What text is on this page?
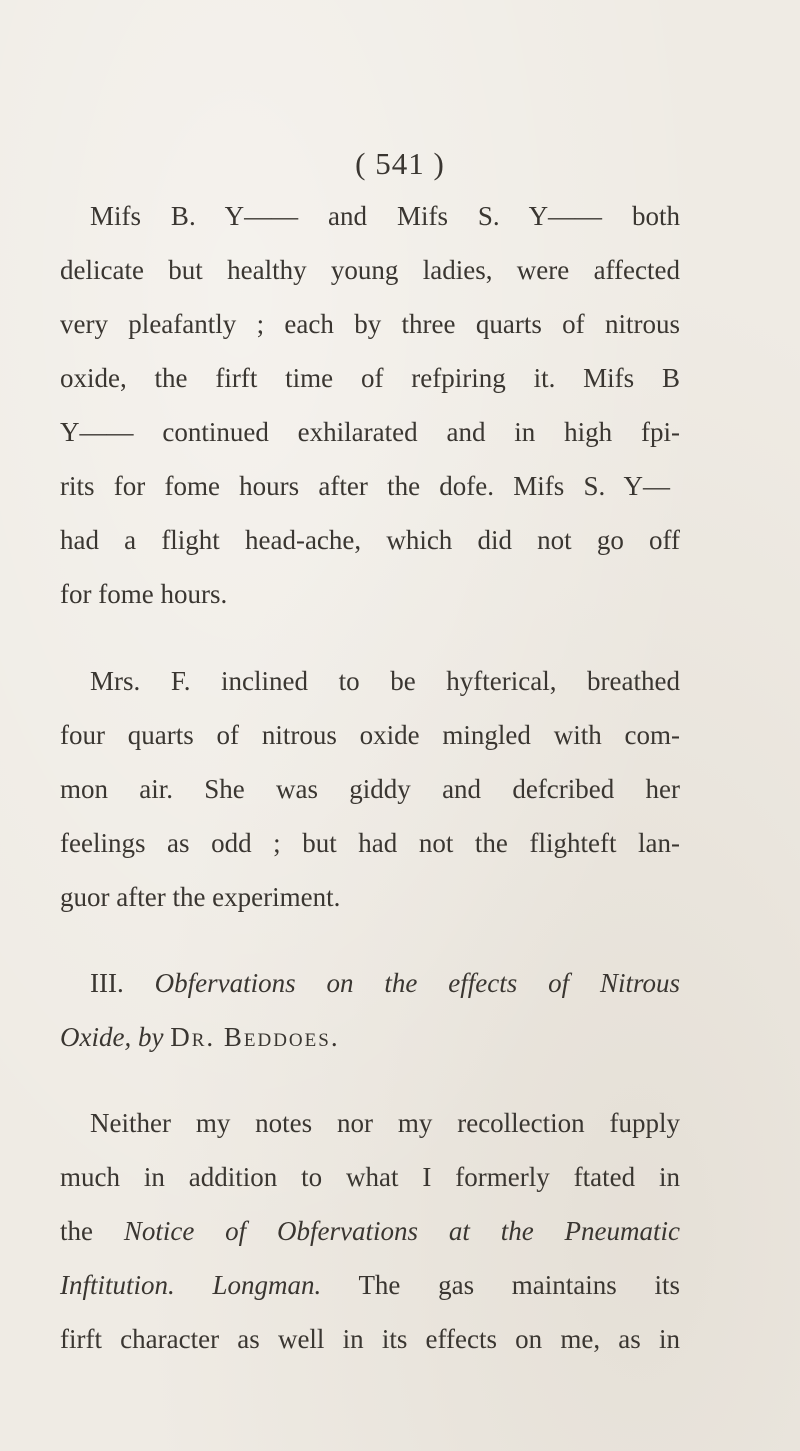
( 541 )
Mifs B. Y—— and Mifs S. Y—— both
delicate but healthy young ladies, were affected
very pleafantly ; each by three quarts of nitrous
oxide, the firft time of refpiring it. Mifs B
Y—— continued exhilarated and in high fpi-
rits for fome hours after the dofe. Mifs S. Y—
had a flight head-ache, which did not go off
for fome hours.
Mrs. F. inclined to be hyfterical, breathed
four quarts of nitrous oxide mingled with com-
mon air. She was giddy and defcribed her
feelings as odd ; but had not the flighteft lan-
guor after the experiment.
III. Obfervations on the effects of Nitrous
Oxide, by Dr. Beddoes.
Neither my notes nor my recollection fupply
much in addition to what I formerly ftated in
the Notice of Obfervations at the Pneumatic
Inftitution. Longman. The gas maintains its
firft character as well in its effects on me, as in
